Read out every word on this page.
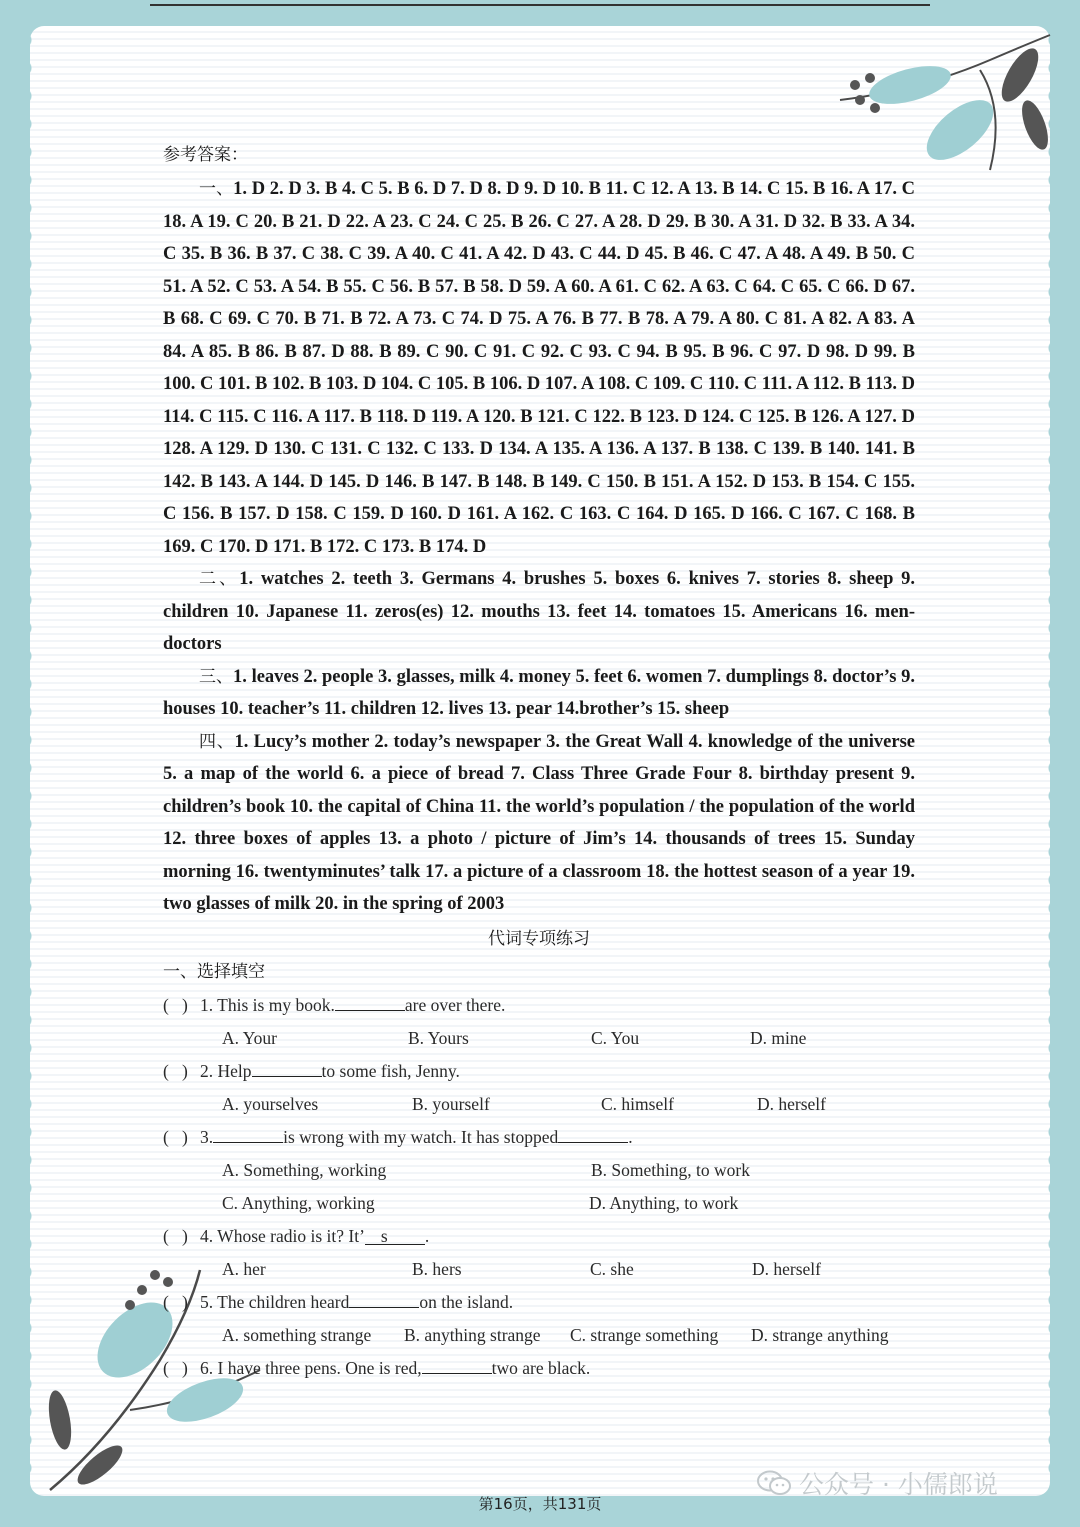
参考答案：

一、1. D 2. D 3. B 4. C 5. B 6. D 7. D 8. D 9. D 10. B 11. C 12. A 13. B 14. C 15. B 16. A 17. C 18. A 19. C 20. B 21. D 22. A 23. C 24. C 25. B 26. C 27. A 28. D 29. B 30. A 31. D 32. B 33. A 34. C 35. B 36. B 37. C 38. C 39. A 40. C 41. A 42. D 43. C 44. D 45. B 46. C 47. A 48. A 49. B 50. C 51. A 52. C 53. A 54. B 55. C 56. B 57. B 58. D 59. A 60. A 61. C 62. A 63. C 64. C 65. C 66. D 67. B 68. C 69. C 70. B 71. B 72. A 73. C 74. D 75. A 76. B 77. B 78. A 79. A 80. C 81. A 82. A 83. A 84. A 85. B 86. B 87. D 88. B 89. C 90. C 91. C 92. C 93. C 94. B 95. B 96. C 97. D 98. D 99. B 100. C 101. B 102. B 103. D 104. C 105. B 106. D 107. A 108. C 109. C 110. C 111. A 112. B 113. D 114. C 115. C 116. A 117. B 118. D 119. A 120. B 121. C 122. B 123. D 124. C 125. B 126. A 127. D 128. A 129. D 130. C 131. C 132. C 133. D 134. A 135. A 136. A 137. B 138. C 139. B 140. 141. B 142. B 143. A 144. D 145. D 146. B 147. B 148. B 149. C 150. B 151. A 152. D 153. B 154. C 155. C 156. B 157. D 158. C 159. D 160. D 161. A 162. C 163. C 164. D 165. D 166. C 167. C 168. B 169. C 170. D 171. B 172. C 173. B 174. D

二、1. watches 2. teeth 3. Germans 4. brushes 5. boxes 6. knives 7. stories 8. sheep 9. children 10. Japanese 11. zeros(es) 12. mouths 13. feet 14. tomatoes 15. Americans 16. men-doctors

三、1. leaves 2. people 3. glasses, milk 4. money 5. feet 6. women 7. dumplings 8. doctor’s 9. houses 10. teacher’s 11. children 12. lives 13. pear 14.brother’s 15. sheep

四、1. Lucy’s mother 2. today’s newspaper 3. the Great Wall 4. knowledge of the universe 5. a map of the world 6. a piece of bread 7. Class Three Grade Four 8. birthday present 9. children’s book 10. the capital of China 11. the world’s population / the population of the world 12. three boxes of apples 13. a photo / picture of Jim’s 14. thousands of trees 15. Sunday morning 16. twentyminutes’ talk 17. a picture of a classroom 18. the hottest season of a year 19. two glasses of milk 20. in the spring of 2003

代词专项练习
一、选择填空
( ) 1. This is my book.	are over there.
A. Your	B. Yours	C. You	D. mine
( ) 2. Help	to some fish, Jenny.
A. yourselves	B. yourself	C. himself	D. herself
( ) 3.	is wrong with my watch. It has stopped	.
A. Something, working	B. Something, to work
C. Anything, working	D. Anything, to work
( ) 4. Whose radio is it? It’ s .
A. her	B. hers	C. she	D. herself
( ) 5. The children heard	on the island.
A. something strange B. anything strange C. strange something D. strange anything
( ) 6. I have three pens. One is red,	two are black.
公众号 · 小儒郎说
第16页，共131页
